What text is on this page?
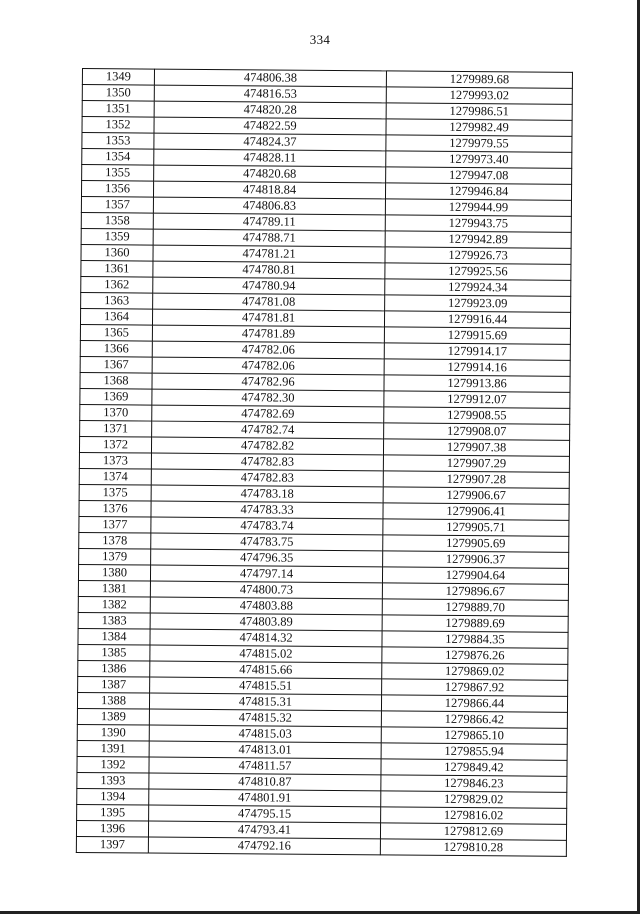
334
1349	474806.38	1279989.68
1350	474816.53	1279993.02
1351	474820.28	1279986.51
1352	474822.59	1279982.49
1353	474824.37	1279979.55
1354	474828.11	1279973.40
1355	474820.68	1279947.08
1356	474818.84	1279946.84
1357	474806.83	1279944.99
1358	474789.11	1279943.75
1359	474788.71	1279942.89
1360	474781.21	1279926.73
1361	474780.81	1279925.56
1362	474780.94	1279924.34
1363	474781.08	1279923.09
1364	474781.81	1279916.44
1365	474781.89	1279915.69
1366	474782.06	1279914.17
1367	474782.06	1279914.16
1368	474782.96	1279913.86
1369	474782.30	1279912.07
1370	474782.69	1279908.55
1371	474782.74	1279908.07
1372	474782.82	1279907.38
1373	474782.83	1279907.29
1374	474782.83	1279907.28
1375	474783.18	1279906.67
1376	474783.33	1279906.41
1377	474783.74	1279905.71
1378	474783.75	1279905.69
1379	474796.35	1279906.37
1380	474797.14	1279904.64
1381	474800.73	1279896.67
1382	474803.88	1279889.70
1383	474803.89	1279889.69
1384	474814.32	1279884.35
1385	474815.02	1279876.26
1386	474815.66	1279869.02
1387	474815.51	1279867.92
1388	474815.31	1279866.44
1389	474815.32	1279866.42
1390	474815.03	1279865.10
1391	474813.01	1279855.94
1392	474811.57	1279849.42
1393	474810.87	1279846.23
1394	474801.91	1279829.02
1395	474795.15	1279816.02
1396	474793.41	1279812.69
1397	474792.16	1279810.28
